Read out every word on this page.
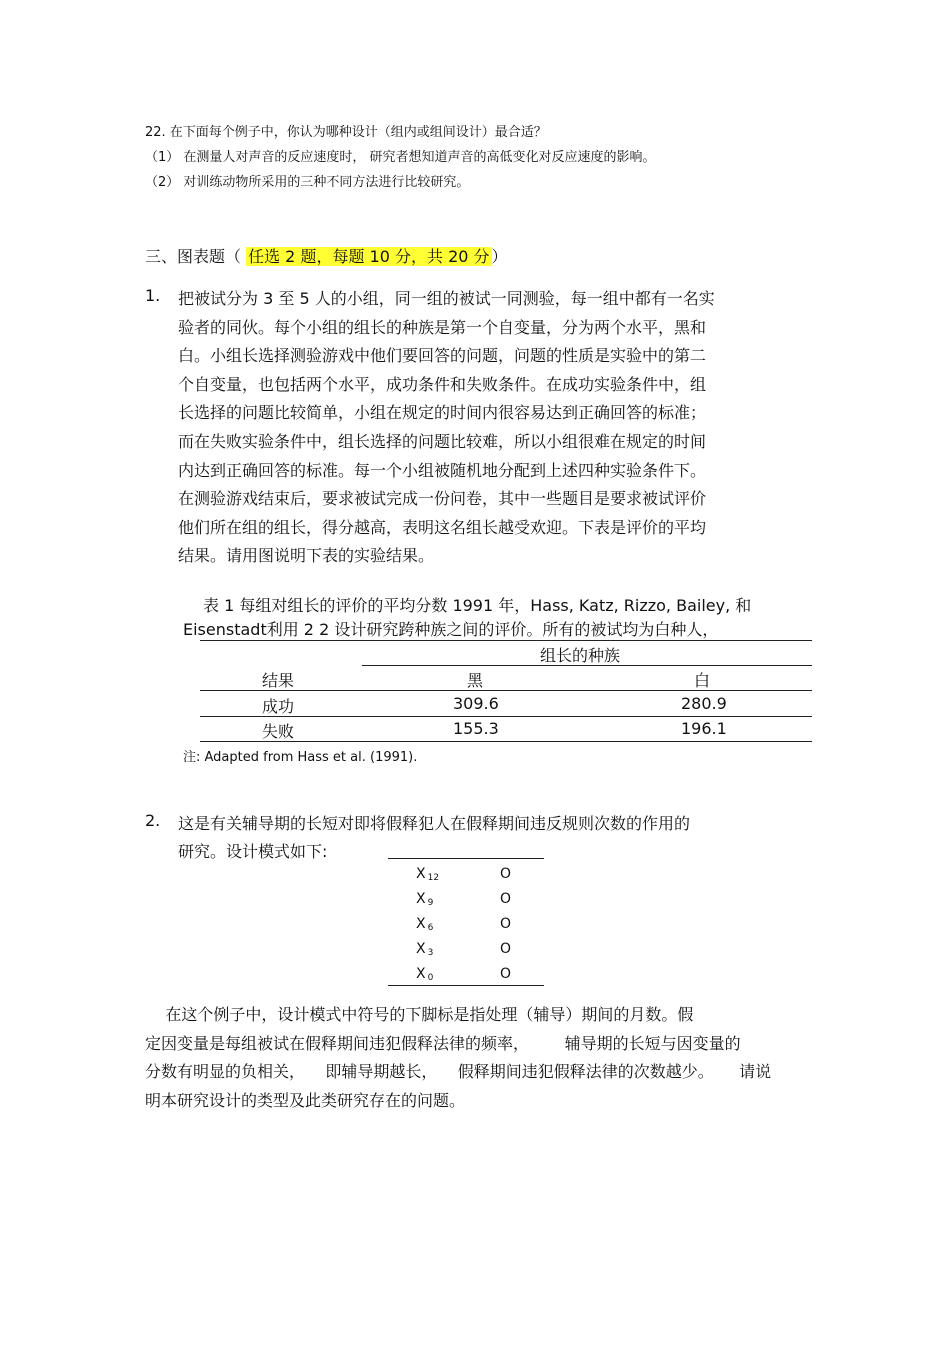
22. 在下面每个例子中，你认为哪种设计（组内或组间设计）最合适？
（1） 在测量人对声音的反应速度时， 研究者想知道声音的高低变化对反应速度的影响。
（2） 对训练动物所采用的三种不同方法进行比较研究。
三、图表题（ 任选 2 题，每题 10 分，共 20 分 ）
1. 把被试分为 3 至 5 人的小组，同一组的被试一同测验，每一组中都有一名实
验者的同伙。每个小组的组长的种族是第一个自变量，分为两个水平，黑和
白。小组长选择测验游戏中他们要回答的问题，问题的性质是实验中的第二
个自变量，也包括两个水平，成功条件和失败条件。在成功实验条件中，组
长选择的问题比较简单，小组在规定的时间内很容易达到正确回答的标准；
而在失败实验条件中，组长选择的问题比较难，所以小组很难在规定的时间
内达到正确回答的标准。每一个小组被随机地分配到上述四种实验条件下。
在测验游戏结束后，要求被试完成一份问卷，其中一些题目是要求被试评价
他们所在组的组长，得分越高，表明这名组长越受欢迎。下表是评价的平均
结果。请用图说明下表的实验结果。
表 1 每组对组长的评价的平均分数 1991 年，Hass, Katz, Rizzo, Bailey, 和
Eisenstadt利用 2 2 设计研究跨种族之间的评价。所有的被试均为白种人，
组长的种族
结果	黑	白
成功	309.6	280.9
失败	155.3	196.1
注: Adapted from Hass et al. (1991).
2. 这是有关辅导期的长短对即将假释犯人在假释期间违反规则次数的作用的
研究。设计模式如下:
X 12	O
X 9	O
X 6	O
X 3	O
X 0	O
在这个例子中，设计模式中符号的下脚标是指处理（辅导）期间的月数。假
定因变量是每组被试在假释期间违犯假释法律的频率，       辅导期的长短与因变量的
分数有明显的负相关，    即辅导期越长，    假释期间违犯假释法律的次数越少。     请说
明本研究设计的类型及此类研究存在的问题。
